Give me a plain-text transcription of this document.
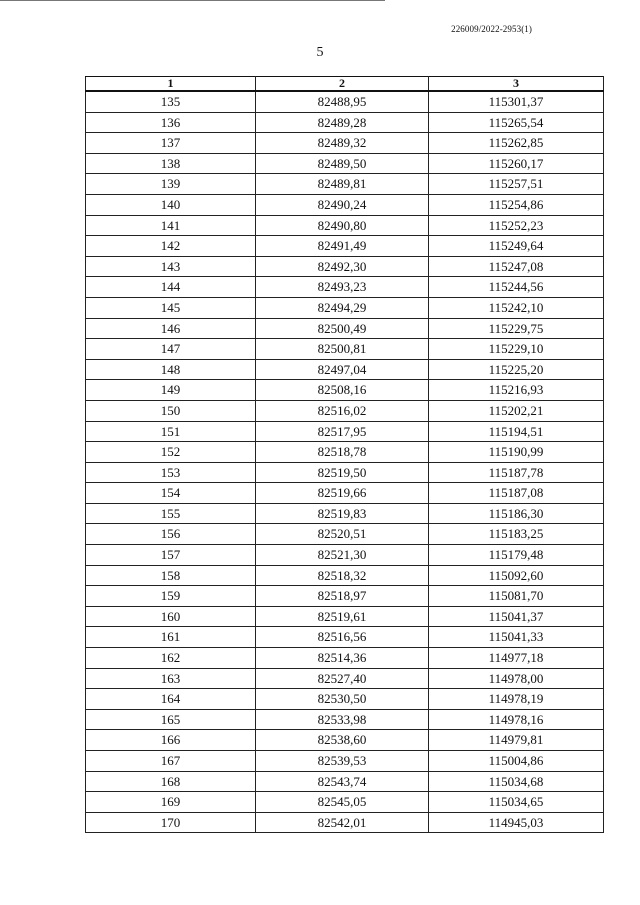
226009/2022-2953(1)
5
1	2	3
135	82488,95	115301,37
136	82489,28	115265,54
137	82489,32	115262,85
138	82489,50	115260,17
139	82489,81	115257,51
140	82490,24	115254,86
141	82490,80	115252,23
142	82491,49	115249,64
143	82492,30	115247,08
144	82493,23	115244,56
145	82494,29	115242,10
146	82500,49	115229,75
147	82500,81	115229,10
148	82497,04	115225,20
149	82508,16	115216,93
150	82516,02	115202,21
151	82517,95	115194,51
152	82518,78	115190,99
153	82519,50	115187,78
154	82519,66	115187,08
155	82519,83	115186,30
156	82520,51	115183,25
157	82521,30	115179,48
158	82518,32	115092,60
159	82518,97	115081,70
160	82519,61	115041,37
161	82516,56	115041,33
162	82514,36	114977,18
163	82527,40	114978,00
164	82530,50	114978,19
165	82533,98	114978,16
166	82538,60	114979,81
167	82539,53	115004,86
168	82543,74	115034,68
169	82545,05	115034,65
170	82542,01	114945,03
